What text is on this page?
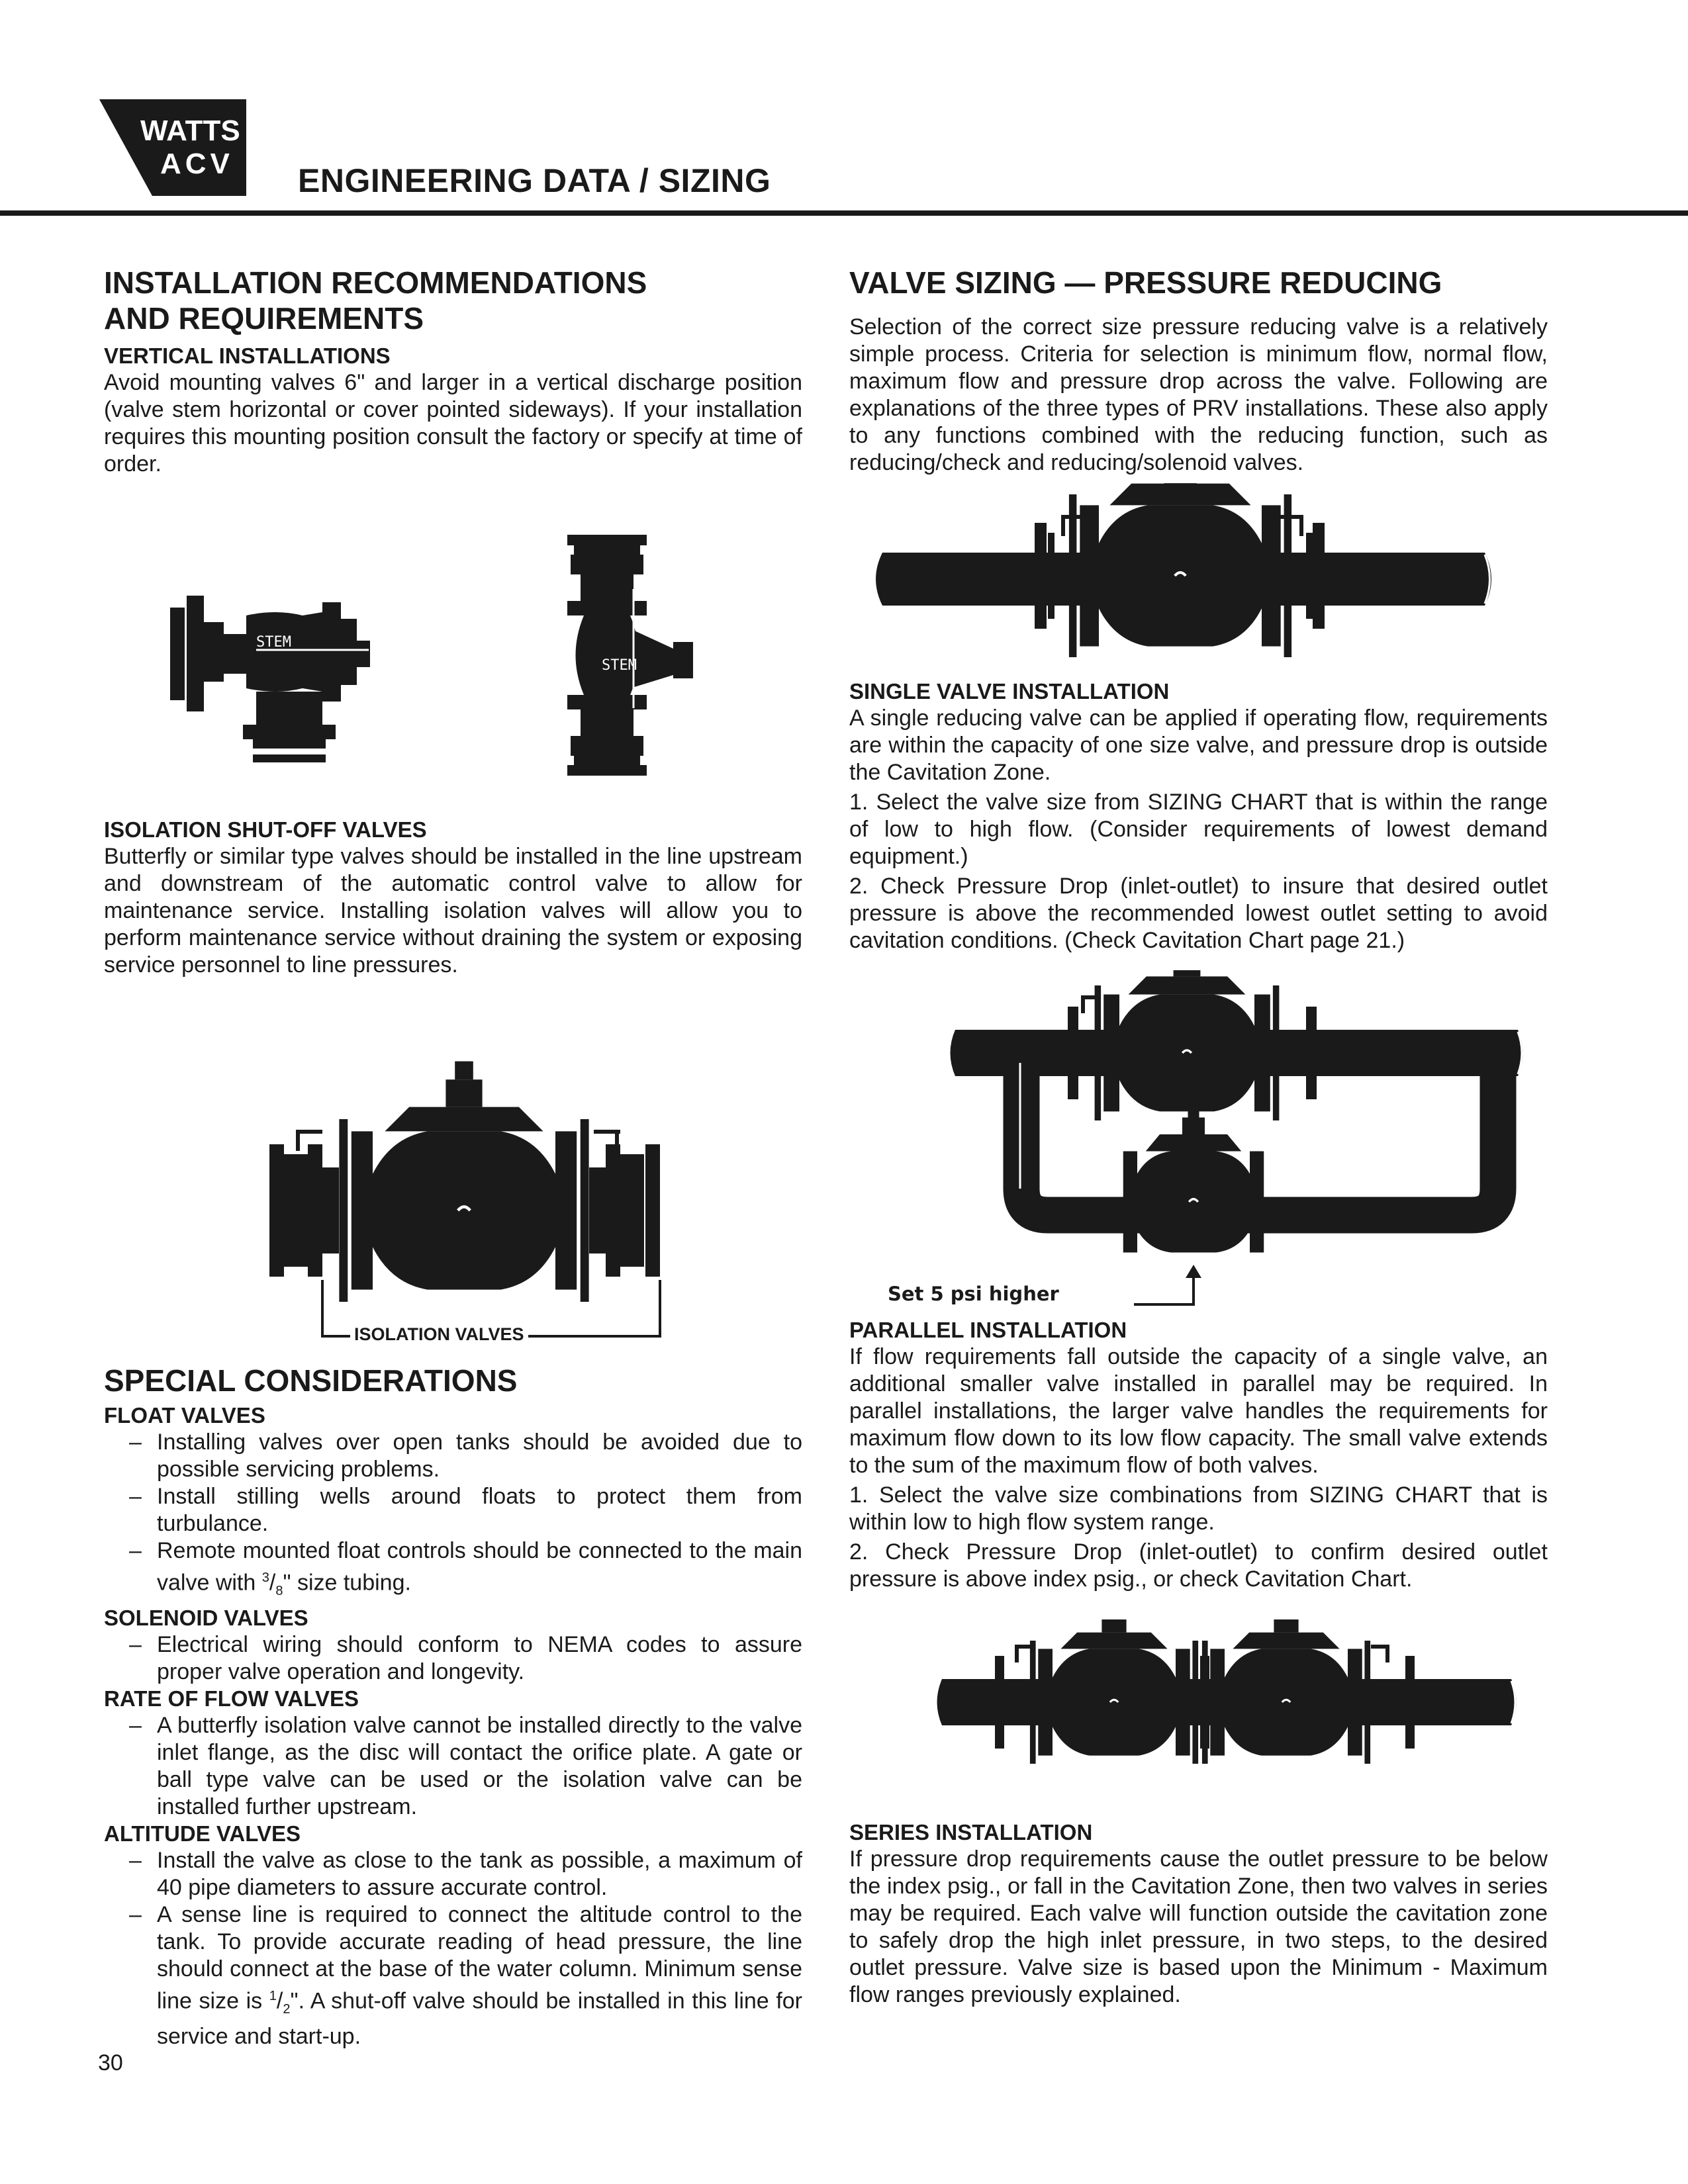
WATTS
ACV ENGINEERING DATA / SIZING
INSTALLATION RECOMMENDATIONS
AND REQUIREMENTS
VERTICAL INSTALLATIONS

Avoid mounting valves 6" and larger in a vertical discharge position (valve stem horizontal or cover pointed sideways). If your installation requires this mounting position consult the factory or specify at time of order.

STEM
STEM
ISOLATION SHUT-OFF VALVES

Butterfly or similar type valves should be installed in the line upstream and downstream of the automatic control valve to allow for maintenance service. Installing isolation valves will allow you to perform maintenance service without draining the system or exposing service personnel to line pressures.

ISOLATION VALVES
SPECIAL CONSIDERATIONS
FLOAT VALVES
– Installing valves over open tanks should be avoided due to possible servicing problems.
– Install stilling wells around floats to protect them from turbulance.
– Remote mounted float controls should be connected to the main valve with $^3/_8$" size tubing.
SOLENOID VALVES
– Electrical wiring should conform to NEMA codes to assure proper valve operation and longevity.
RATE OF FLOW VALVES
– A butterfly isolation valve cannot be installed directly to the valve inlet flange, as the disc will contact the orifice plate. A gate or ball type valve can be used or the isolation valve can be installed further upstream.
ALTITUDE VALVES
– Install the valve as close to the tank as possible, a maximum of 40 pipe diameters to assure accurate control.
– A sense line is required to connect the altitude control to the tank. To provide accurate reading of head pressure, the line should connect at the base of the water column. Minimum sense line size is $^1/_2$". A shut-off valve should be installed in this line for service and start-up.
VALVE SIZING — PRESSURE REDUCING

Selection of the correct size pressure reducing valve is a relatively simple process. Criteria for selection is minimum flow, normal flow, maximum flow and pressure drop across the valve. Following are explanations of the three types of PRV installations. These also apply to any functions combined with the reducing function, such as reducing/check and reducing/solenoid valves.

SINGLE VALVE INSTALLATION

A single reducing valve can be applied if operating flow, requirements are within the capacity of one size valve, and pressure drop is outside the Cavitation Zone.

1. Select the valve size from SIZING CHART that is within the range of low to high flow. (Consider requirements of lowest demand equipment.)

2. Check Pressure Drop (inlet-outlet) to insure that desired outlet pressure is above the recommended lowest outlet setting to avoid cavitation conditions. (Check Cavitation Chart page 21.)

Set 5 psi higher
PARALLEL INSTALLATION

If flow requirements fall outside the capacity of a single valve, an additional smaller valve installed in parallel may be required. In parallel installations, the larger valve handles the requirements for maximum flow down to its low flow capacity. The small valve extends to the sum of the maximum flow of both valves.

1. Select the valve size combinations from SIZING CHART that is within low to high flow system range.

2. Check Pressure Drop (inlet-outlet) to confirm desired outlet pressure is above index psig., or check Cavitation Chart.

SERIES INSTALLATION

If pressure drop requirements cause the outlet pressure to be below the index psig., or fall in the Cavitation Zone, then two valves in series may be required. Each valve will function outside the cavitation zone to safely drop the high inlet pressure, in two steps, to the desired outlet pressure. Valve size is based upon the Minimum - Maximum flow ranges previously explained.

30
